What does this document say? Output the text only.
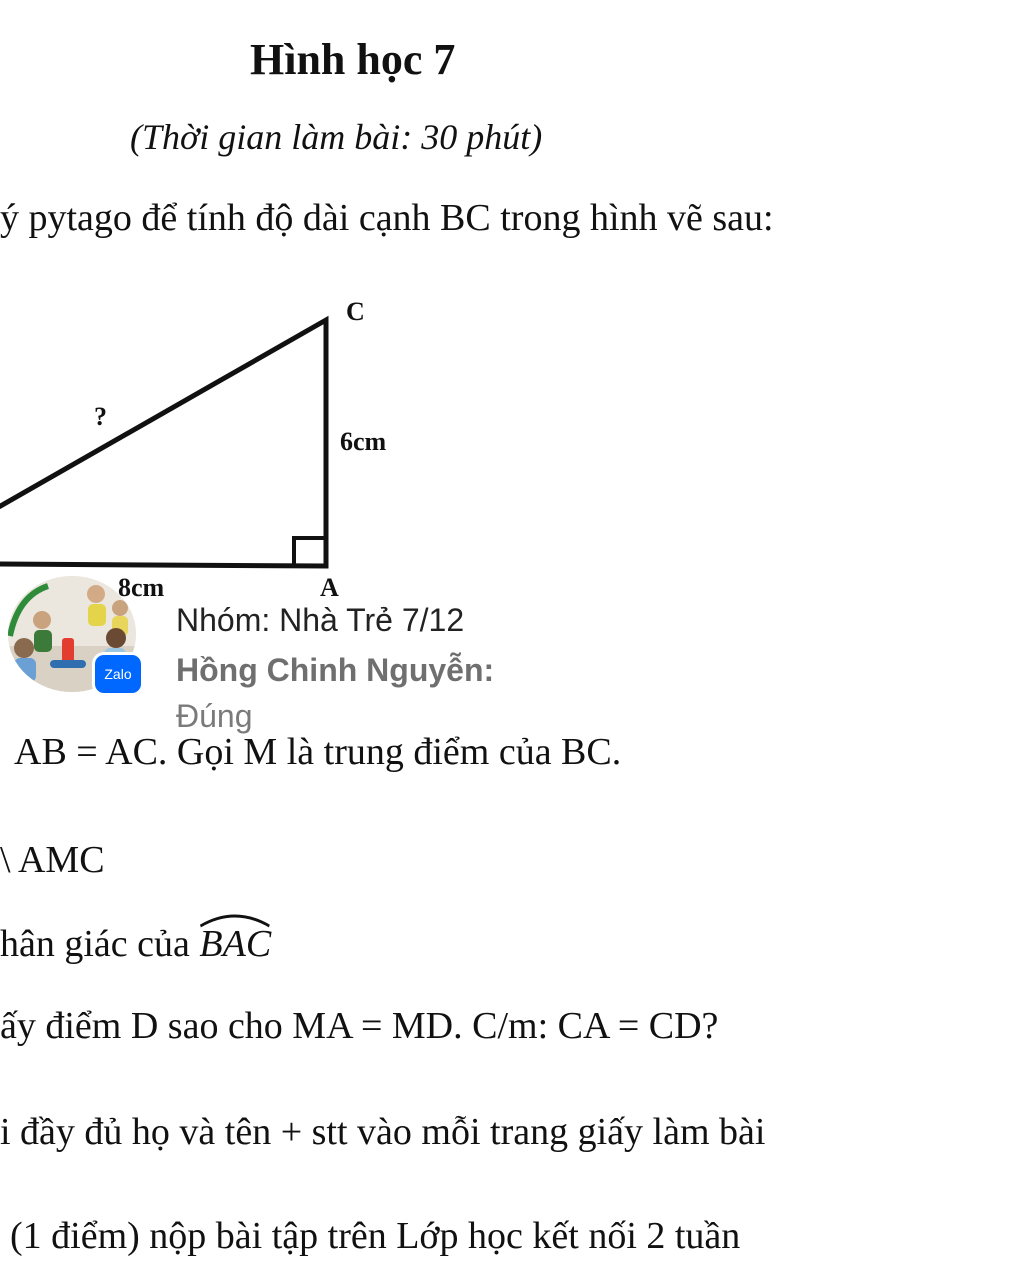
Hình học 7
(Thời gian làm bài: 30 phút)
ý pytago để tính độ dài cạnh BC trong hình vẽ sau:
C
?
6cm
8cm	A
AB = AC. Gọi M là trung điểm của BC.
\ AMC
hân giác của
BAC
ấy điểm D sao cho MA = MD. C/m: CA = CD?
i đầy đủ họ và tên + stt vào mỗi trang giấy làm bài
(1 điểm) nộp bài tập trên Lớp học kết nối 2 tuần
Zalo
Nhóm: Nhà Trẻ 7/12
Hồng Chinh Nguyễn:
Đúng
